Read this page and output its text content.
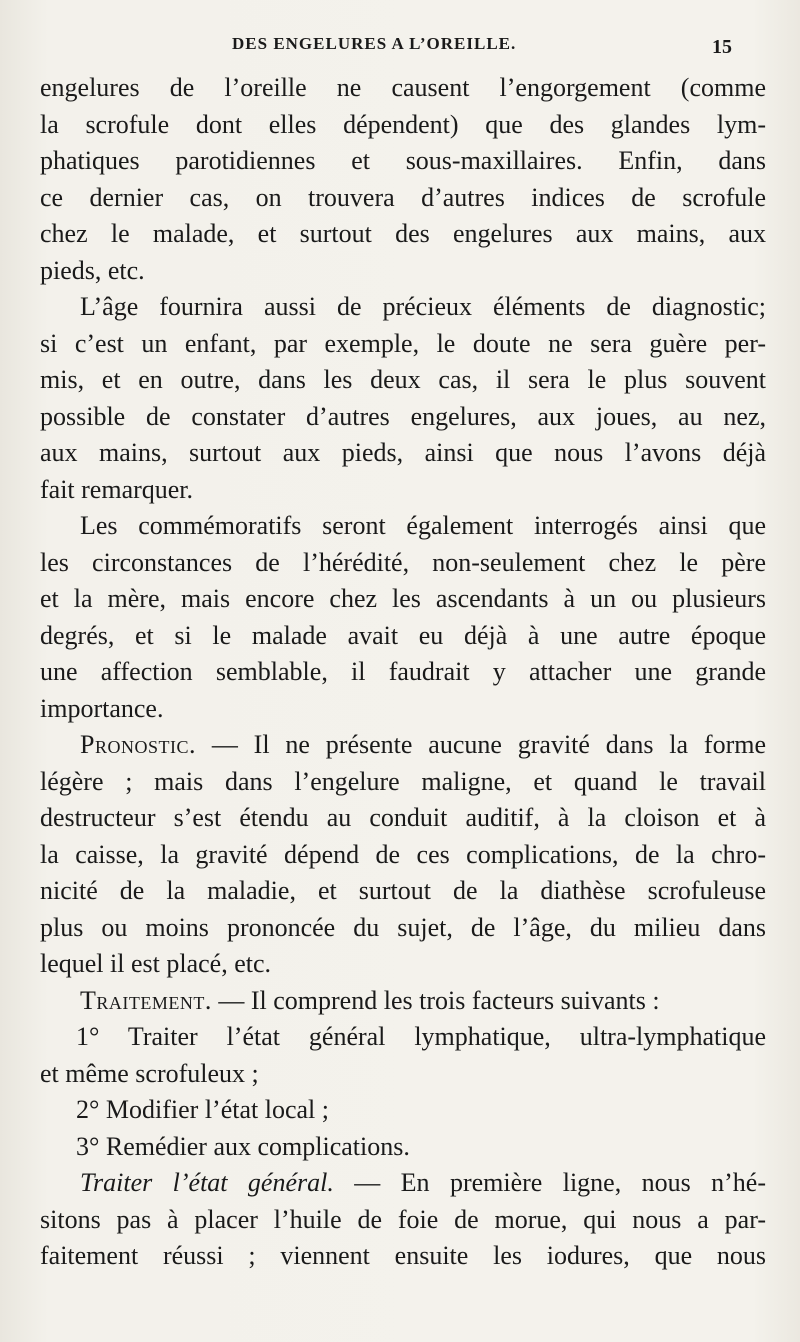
DES ENGELURES A L’OREILLE.	15
engelures de l’oreille ne causent l’engorgement (comme
la scrofule dont elles dépendent) que des glandes lym-
phatiques parotidiennes et sous-maxillaires. Enfin, dans
ce dernier cas, on trouvera d’autres indices de scrofule
chez le malade, et surtout des engelures aux mains, aux
pieds, etc.
L’âge fournira aussi de précieux éléments de diagnostic;
si c’est un enfant, par exemple, le doute ne sera guère per-
mis, et en outre, dans les deux cas, il sera le plus souvent
possible de constater d’autres engelures, aux joues, au nez,
aux mains, surtout aux pieds, ainsi que nous l’avons déjà
fait remarquer.
Les commémoratifs seront également interrogés ainsi que
les circonstances de l’hérédité, non-seulement chez le père
et la mère, mais encore chez les ascendants à un ou plusieurs
degrés, et si le malade avait eu déjà à une autre époque
une affection semblable, il faudrait y attacher une grande
importance.
Pronostic. — Il ne présente aucune gravité dans la forme
légère ; mais dans l’engelure maligne, et quand le travail
destructeur s’est étendu au conduit auditif, à la cloison et à
la caisse, la gravité dépend de ces complications, de la chro-
nicité de la maladie, et surtout de la diathèse scrofuleuse
plus ou moins prononcée du sujet, de l’âge, du milieu dans
lequel il est placé, etc.
Traitement. — Il comprend les trois facteurs suivants :
1° Traiter l’état général lymphatique, ultra-lymphatique
et même scrofuleux ;
2° Modifier l’état local ;
3° Remédier aux complications.
Traiter l’état général. — En première ligne, nous n’hé-
sitons pas à placer l’huile de foie de morue, qui nous a par-
faitement réussi ; viennent ensuite les iodures, que nous
